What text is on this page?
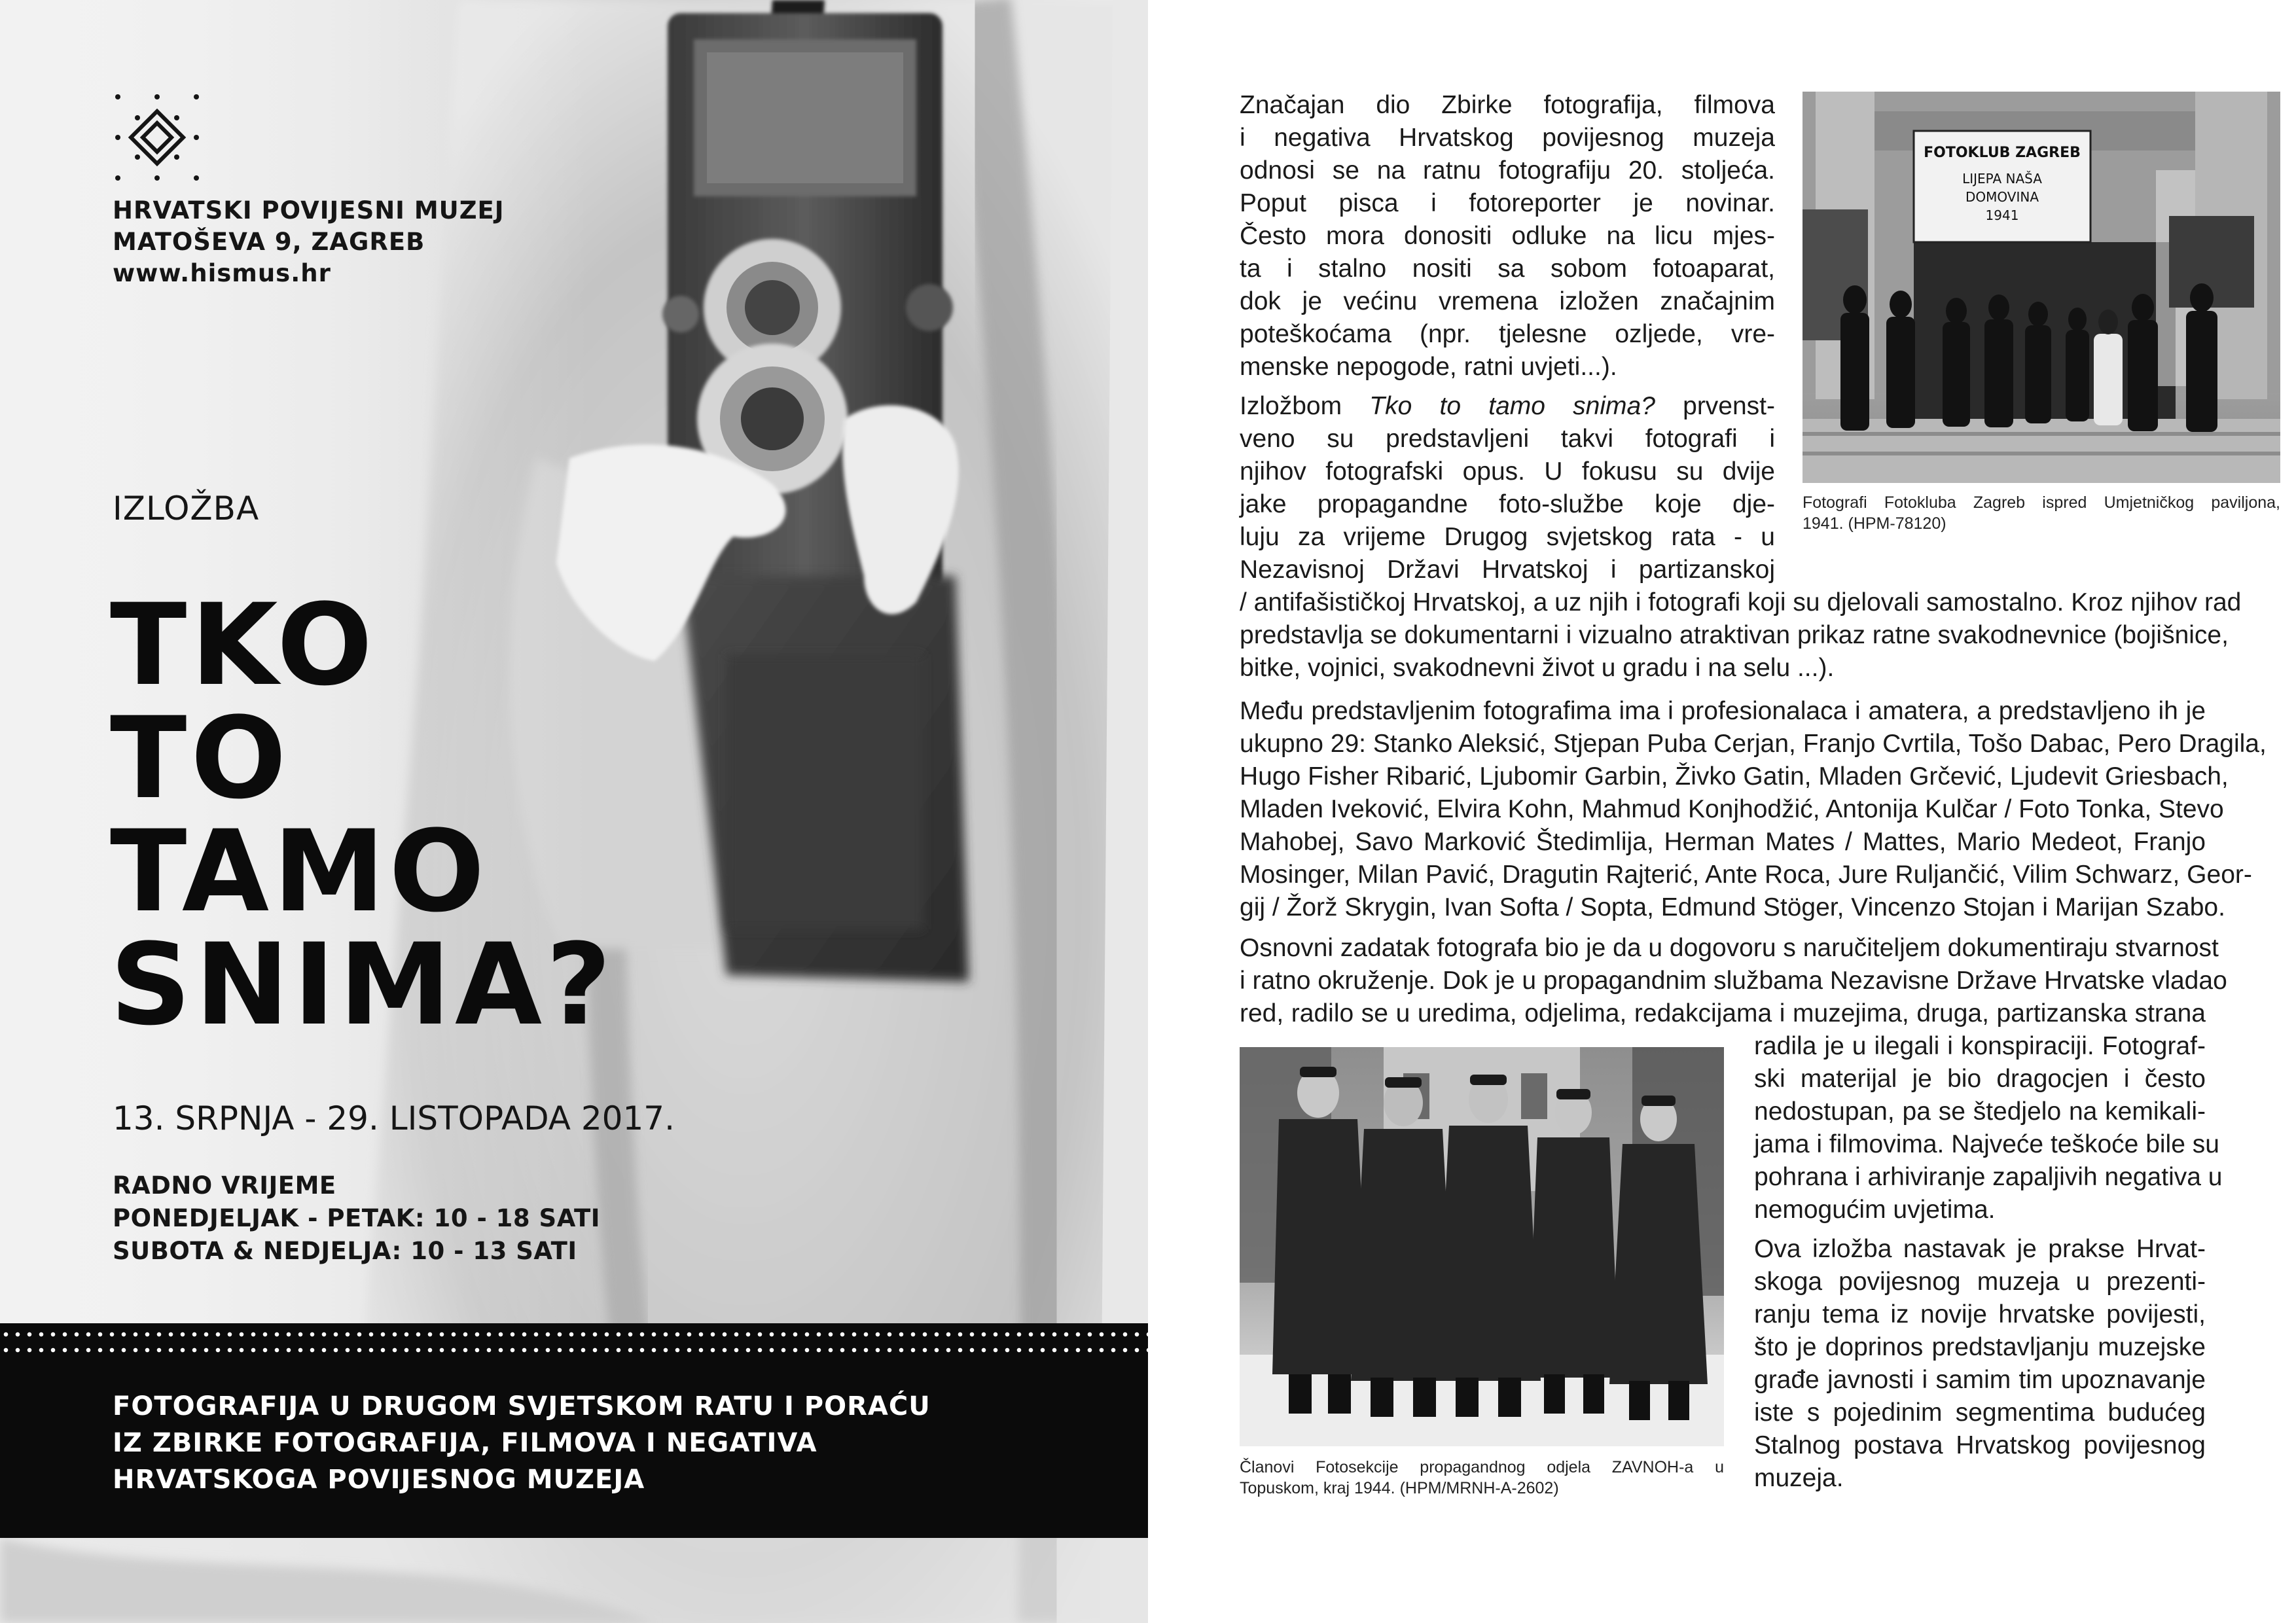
HRVATSKI POVIJESNI MUZEJ
MATOŠEVA 9, ZAGREB
www.hismus.hr
IZLOŽBA
TKO
TO
TAMO
SNIMA?
13. SRPNJA - 29. LISTOPADA 2017.
RADNO VRIJEME
PONEDJELJAK - PETAK: 10 - 18 SATI
SUBOTA & NEDJELJA: 10 - 13 SATI
FOTOGRAFIJA U DRUGOM SVJETSKOM RATU I PORAĆU
IZ ZBIRKE FOTOGRAFIJA, FILMOVA I NEGATIVA
HRVATSKOGA POVIJESNOG MUZEJA
Značajan dio Zbirke fotografija, filmova
i negativa Hrvatskog povijesnog muzeja
odnosi se na ratnu fotografiju 20. stoljeća.
Poput pisca i fotoreporter je novinar.
Često mora donositi odluke na licu mjes-
ta i stalno nositi sa sobom fotoaparat,
dok je većinu vremena izložen značajnim
poteškoćama (npr. tjelesne ozljede, vre-
menske nepogode, ratni uvjeti...).
Izložbom Tko to tamo snima? prvenst-
veno su predstavljeni takvi fotografi i
njihov fotografski opus. U fokusu su dvije
jake propagandne foto-službe koje dje-
luju za vrijeme Drugog svjetskog rata - u
Nezavisnoj Državi Hrvatskoj i partizanskoj
/ antifašističkoj Hrvatskoj, a uz njih i fotografi koji su djelovali samostalno. Kroz njihov rad
predstavlja se dokumentarni i vizualno atraktivan prikaz ratne svakodnevnice (bojišnice,
bitke, vojnici, svakodnevni život u gradu i na selu ...).
Među predstavljenim fotografima ima i profesionalaca i amatera, a predstavljeno ih je
ukupno 29: Stanko Aleksić, Stjepan Puba Cerjan, Franjo Cvrtila, Tošo Dabac, Pero Dragila,
Hugo Fisher Ribarić, Ljubomir Garbin, Živko Gatin, Mladen Grčević, Ljudevit Griesbach,
Mladen Iveković, Elvira Kohn, Mahmud Konjhodžić, Antonija Kulčar / Foto Tonka, Stevo
Mahobej, Savo Marković Štedimlija, Herman Mates / Mattes, Mario Medeot, Franjo
Mosinger, Milan Pavić, Dragutin Rajterić, Ante Roca, Jure Ruljančić, Vilim Schwarz, Geor-
gij / Žorž Skrygin, Ivan Softa / Sopta, Edmund Stöger, Vincenzo Stojan i Marijan Szabo.
Osnovni zadatak fotografa bio je da u dogovoru s naručiteljem dokumentiraju stvarnost
i ratno okruženje. Dok je u propagandnim službama Nezavisne Države Hrvatske vladao
red, radilo se u uredima, odjelima, redakcijama i muzejima, druga, partizanska strana
radila je u ilegali i konspiraciji. Fotograf-
ski materijal je bio dragocjen i često
nedostupan, pa se štedjelo na kemikali-
jama i filmovima. Najveće teškoće bile su
pohrana i arhiviranje zapaljivih negativa u
nemogućim uvjetima.
Ova izložba nastavak je prakse Hrvat-
skoga povijesnog muzeja u prezenti-
ranju tema iz novije hrvatske povijesti,
što je doprinos predstavljanju muzejske
građe javnosti i samim tim upoznavanje
iste s pojedinim segmentima budućeg
Stalnog postava Hrvatskog povijesnog
muzeja.
FOTOKLUB ZAGREB
LIJEPA NAŠA
DOMOVINA
1941
Fotografi Fotokluba Zagreb ispred Umjetničkog paviljona,
1941. (HPM-78120)
Članovi Fotosekcije propagandnog odjela ZAVNOH-a u
Topuskom, kraj 1944. (HPM/MRNH-A-2602)
